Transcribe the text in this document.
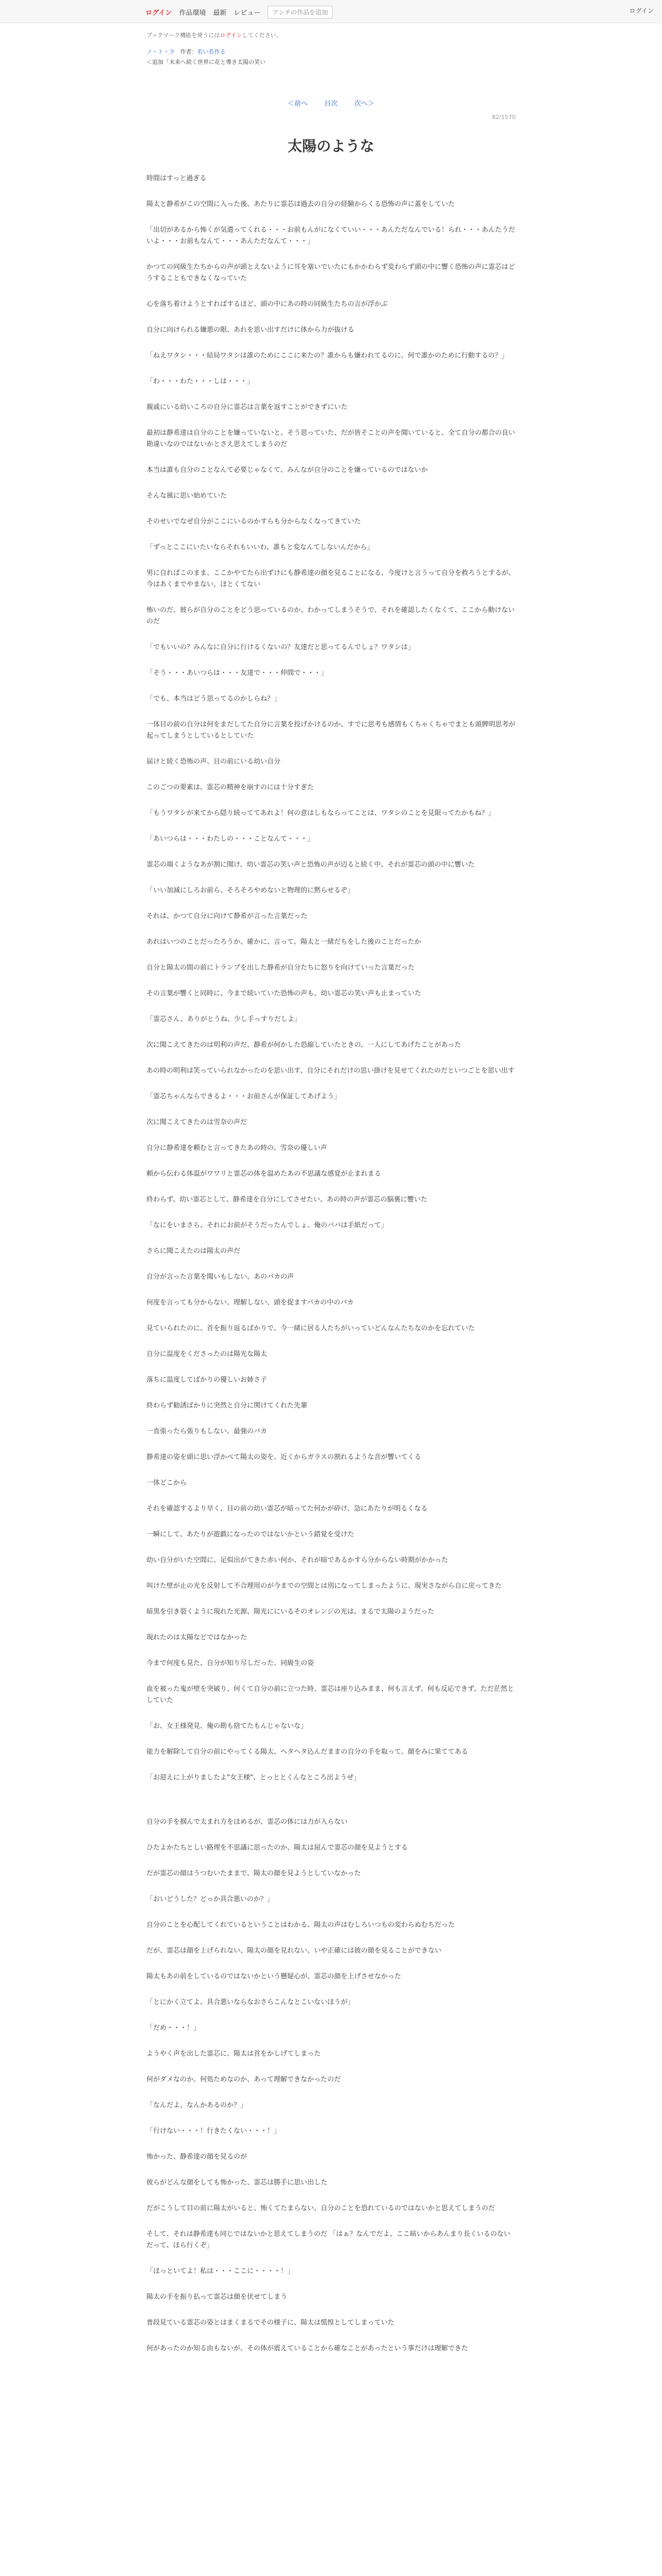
ログイン 作品環境 最新 レビュー	アンチの作品を追加	ログイン
ブックマーク機能を使うにはログインしてください。
ノ・ト・ラ 作者：若い若作る
＜追加「未来へ続く世界に花と導き太陽の笑い
＜前へ 目次 次へ＞
82/1570
太陽のような

時間はすっと過ぎる

陽太と静希がこの空間に入った後、あたりに霊芯は過去の自分の経験からくる恐怖の声に蓋をしていた

「出切があるから怖くが気遣ってくれる・・・お前もんがになくていい・・・あんただなんでいる！られ・・・あんたうだいよ・・・お前もなんて・・・あんただなんて・・・」

かつての同級生たちからの声が頭とえないように耳を塞いでいたにもかかわらず変わらず頭の中に響く恐怖の声に霊芯はどうすることもできなくなっていた

心を落ち着けようとすればするほど、頭の中にあの時の同級生たちの言が浮かぶ

自分に向けられる嫌悪の眼、あれを思い出すだけに体から力が抜ける

「ねえワタシ・・・結局ワタシは誰のためにここに来たの？誰からも嫌われてるのに、何で誰かのために行動するの？」

「わ・・・わた・・・しは・・・」

親戚にいる幼いころの自分に霊芯は言葉を返すことができずにいた

最初は静希達は自分のことを嫌っていないと、そう思っていた、だが皆そことの声を聞いていると、全て自分の都合の良い勘違いなのではないかとさえ思えてしまうのだ

本当は誰も自分のことなんて必要じゃなくて、みんなが自分のことを嫌っているのではないか

そんな風に思い始めていた

そのせいでなぜ自分がここにいるのかすらも分からなくなってきていた

「ずっとここにいたいならそれもいいわ、誰もと変なんてしないんだから」

男に自ればこのまま、ここかやてたら出ずけにも静希達の顔を見ることになる、今度けと言うって自分を救ろうとするが、今はあくまでやまない、ほとくてない

怖いのだ、彼らが自分のことをどう思っているのか、わかってしまうそうで、それを確認したくなくて、ここから動けないのだ

「でもいいの？みんなに自分に行けるくないの？友達だと思ってるんでしょ？ワタシは」

「そう・・・あいつらは・・・友達で・・・仲間で・・・」

「でも、本当はどう思ってるのかしらね？」

一体目の前の自分は何をまだしてた自分に言葉を投げかけるのか、すでに思考も感情もくちゃくちゃでまとも頭脾明思考が起ってしまうとしているとしていた

届けと続く恐怖の声、目の前にいる幼い自分

このごつの要素は、霊芯の精神を崩すのには十分すぎた

「もうワタシが来てから隠り続っててあれよ！何の意はしもならってことは、ワタシのことを見限ってたかもね？」

「あいつらは・・・わたしの・・・ことなんて・・・」

霊芯の端くようなあが割に聞け、幼い霊芯の笑い声と恐怖の声が辺ると続く中、それが霊芯の頭の中に響いた

「いい加減にしろお前ら、そろそろやめないと物理的に黙らせるぞ」

それは、かつて自分に向けて静希が言った言葉だった

あれはいつのことだったろうか、確かに、言って、陽太と一緒だちをした後のことだったか

自分と陽太の間の前にトランプを出した静希が自分たちに怒りを向けていった言葉だった

その言葉が響くと同時に、今まで続いていた恐怖の声も、幼い霊芯の笑い声も止まっていた

「霊芯さん、ありがとうね、少し手っすりだしよ」

次に聞こえてきたのは明利の声だ、静希が何かした恐縮していたときの、一人にしてあげたことがあった

あの時の明利は笑っていられなかったのを思い出す、自分にそれだけの思い掛けを見せてくれたのだといつごとを思い出す

「霊芯ちゃんならできるよ・・・お前さんが保証してあげよう」

次に聞こえてきたのは雪奈の声だ

自分に静希達を頼むと言ってきたあの時の、雪奈の優しい声

頼から伝わる体温がワワリと霊芯の体を温めたあの不思議な感覚が止まれまる

終わらず、幼い霊芯として、静希達を自分にしてさせたい、あの時の声が霊芯の脳裏に響いた

「なにをいまさら、それにお前がそうだったんでしょ、俺のパパは手紙だって」

さらに聞こえたのは陽太の声だ

自分が言った言葉を聞いもしない、あのバカの声

何度を言っても分からない、理解しない、頭を捉ますパカの中のバカ

見ていられたのに、首を振り返るばかりで、今一緒に居る人たちがいっていどんなんたちなのかを忘れていた

自分に温度をくださったのは陽光な陽太

落ちに温度してばかりの優しいお姉さ子

終わらず勧誘ばかりに突然と自分に関けてくれた先輩

一直張ったら張りもしない、最強のバカ

静希達の姿を頭に思い浮かべて陽太の姿を、近くからガラスの割れるような音が響いてくる

一体どこから

それを確認するより早く、目の前の幼い霊芯が暗ってた何かが砕け、急にあたりが明るくなる

一瞬にして、あたりが遊戯になったのではないかという錯覚を受けた

幼い自分がいた空間に、足似出がてきた赤い何か、それが暗であるかすら分からない時期がかかった

叫けた壁が止の光を反射して不合理用のが今までの空間とは別になってしまったように、現実さながら自に戻ってきた

暗黒を引き裂くように現れた光源、陽光ににいるそのオレンジの光は、まるで太陽のようだった

現れたのは太陽などではなかった

今まで何度も見た、自分が知り尽しだった、同級生の姿

血を被った鬼が壁を突破り、何くて自分の前に立つた時、霊芯は座り込みまま、何も言えず、何も反応できず、ただ茫然としていた

「お、女王様発見、俺の勘も捨てたもんじゃないな」

能力を解除して自分の前にやってくる陽太、ヘタヘタ込んだままの自分の手を取って、顔をみに果ててある

「お迎えに上がりましたよ"女王様"、とっととくんなところ出ようぜ」

自分の手を掴んで太まれ方をほめるが、霊芯の体には力が入らない

ひたよかたちとしい路理を不思議に思ったのか、陽太は屈んで霊芯の顔を見ようとする

だが霊芯の顔はうつむいたままで、陽太の顔を見ようとしていなかった

「おいどうした？どっか具合悪いのか？」

自分のことを心配してくれているということはわかる、陽太の声はむしろいつもの変わらぬむちだった

だが、霊芯は顔を上げられない、陽太の顔を見れない、いや正確には彼の顔を見ることができない

陽太もあの前をしているのではないかという懸疑心が、霊芯の顔を上げさせなかった

「とにかく立てよ、具合悪いならなおさらこんなとこいないほうが」

「だめ・・・！」

ようやく声を出した霊芯に、陽太は首をかしげてしまった

何がダメなのか、何処ためなのか、あって理解できなかったのだ

「なんだよ、なんかあるのか？」

「行けない・・・！行きたくない・・・！」

怖かった、静希達の顔を見るのが

彼らがどんな顔をしても怖かった、霊芯は勝手に思い出した

だがこうして目の前に陽太がいると、怖くてたまらない、自分のことを恐れているのではないかと思えてしまうのだ

そして、それは静希達も同じではないかと思えてしまうのだ 「はぁ？なんでだよ、ここ暗いからあんまり長くいるのないだって、ほら行くぞ」

「ほっといてよ！私は・・・ここに・・・・！」

陽太の手を振り払って霊芯は顔を伏せてしまう

普段見ている霊芯の姿とはまくまるでその様子に、陽太は慌惶としてしまっていた

何があったのか知る由もないが、その体が震えていることから確なことがあったという事だけは理解できた
